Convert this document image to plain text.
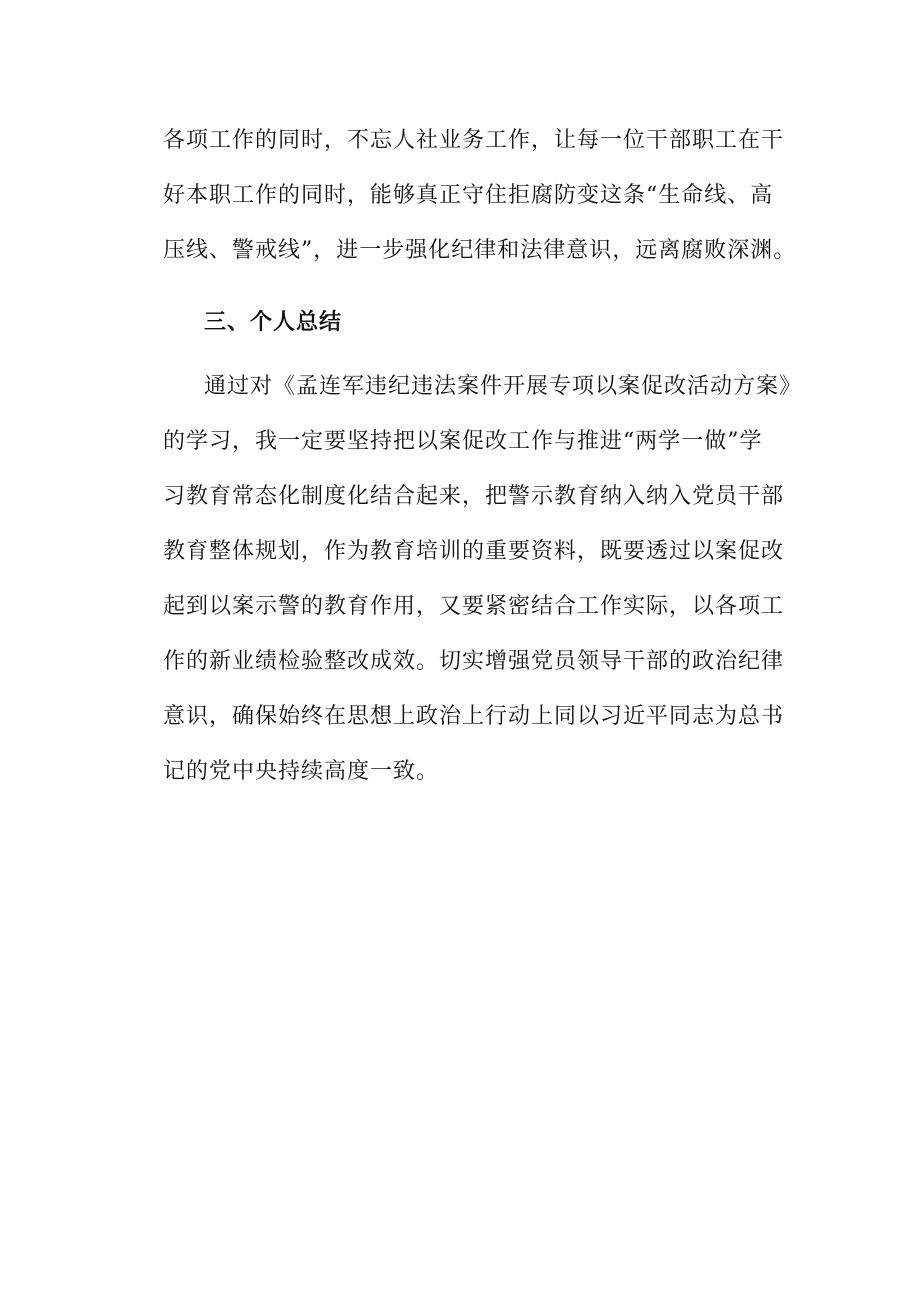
各项工作的同时，不忘人社业务工作，让每一位干部职工在干
好本职工作的同时，能够真正守住拒腐防变这条“生命线、高
压线、警戒线”，进一步强化纪律和法律意识，远离腐败深渊。
三、个人总结
通过对《孟连军违纪违法案件开展专项以案促改活动方案》
的学习，我一定要坚持把以案促改工作与推进“两学一做”学
习教育常态化制度化结合起来，把警示教育纳入纳入党员干部
教育整体规划，作为教育培训的重要资料，既要透过以案促改
起到以案示警的教育作用，又要紧密结合工作实际，以各项工
作的新业绩检验整改成效。切实增强党员领导干部的政治纪律
意识，确保始终在思想上政治上行动上同以习近平同志为总书
记的党中央持续高度一致。
